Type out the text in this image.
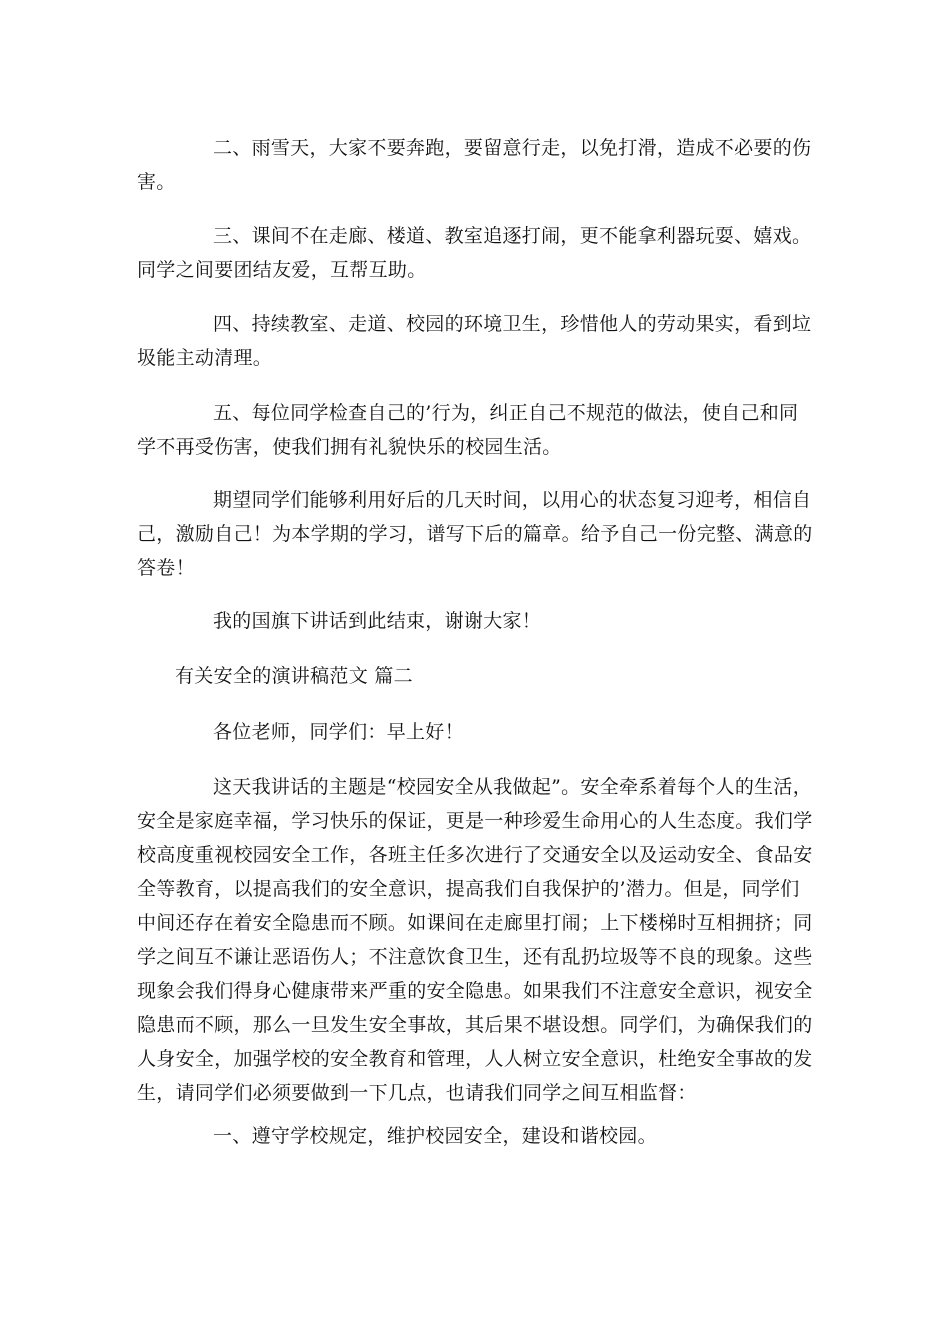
二、雨雪天，大家不要奔跑，要留意行走，以免打滑，造成不必要的伤
害。

三、课间不在走廊、楼道、教室追逐打闹，更不能拿利器玩耍、嬉戏。
同学之间要团结友爱，互帮互助。

四、持续教室、走道、校园的环境卫生，珍惜他人的劳动果实，看到垃
圾能主动清理。

五、每位同学检查自己的’行为，纠正自己不规范的做法，使自己和同
学不再受伤害，使我们拥有礼貌快乐的校园生活。

期望同学们能够利用好后的几天时间，以用心的状态复习迎考，相信自
己，激励自己！为本学期的学习，谱写下后的篇章。给予自己一份完整、满意的
答卷！

我的国旗下讲话到此结束，谢谢大家！

有关安全的演讲稿范文 篇二

各位老师，同学们：早上好！

这天我讲话的主题是“校园安全从我做起”。安全牵系着每个人的生活，
安全是家庭幸福，学习快乐的保证，更是一种珍爱生命用心的人生态度。我们学
校高度重视校园安全工作，各班主任多次进行了交通安全以及运动安全、食品安
全等教育，以提高我们的安全意识，提高我们自我保护的’潜力。但是，同学们
中间还存在着安全隐患而不顾。如课间在走廊里打闹；上下楼梯时互相拥挤；同
学之间互不谦让恶语伤人；不注意饮食卫生，还有乱扔垃圾等不良的现象。这些
现象会我们得身心健康带来严重的安全隐患。如果我们不注意安全意识，视安全
隐患而不顾，那么一旦发生安全事故，其后果不堪设想。同学们，为确保我们的
人身安全，加强学校的安全教育和管理，人人树立安全意识，杜绝安全事故的发
生，请同学们必须要做到一下几点，也请我们同学之间互相监督：

一、遵守学校规定，维护校园安全，建设和谐校园。
